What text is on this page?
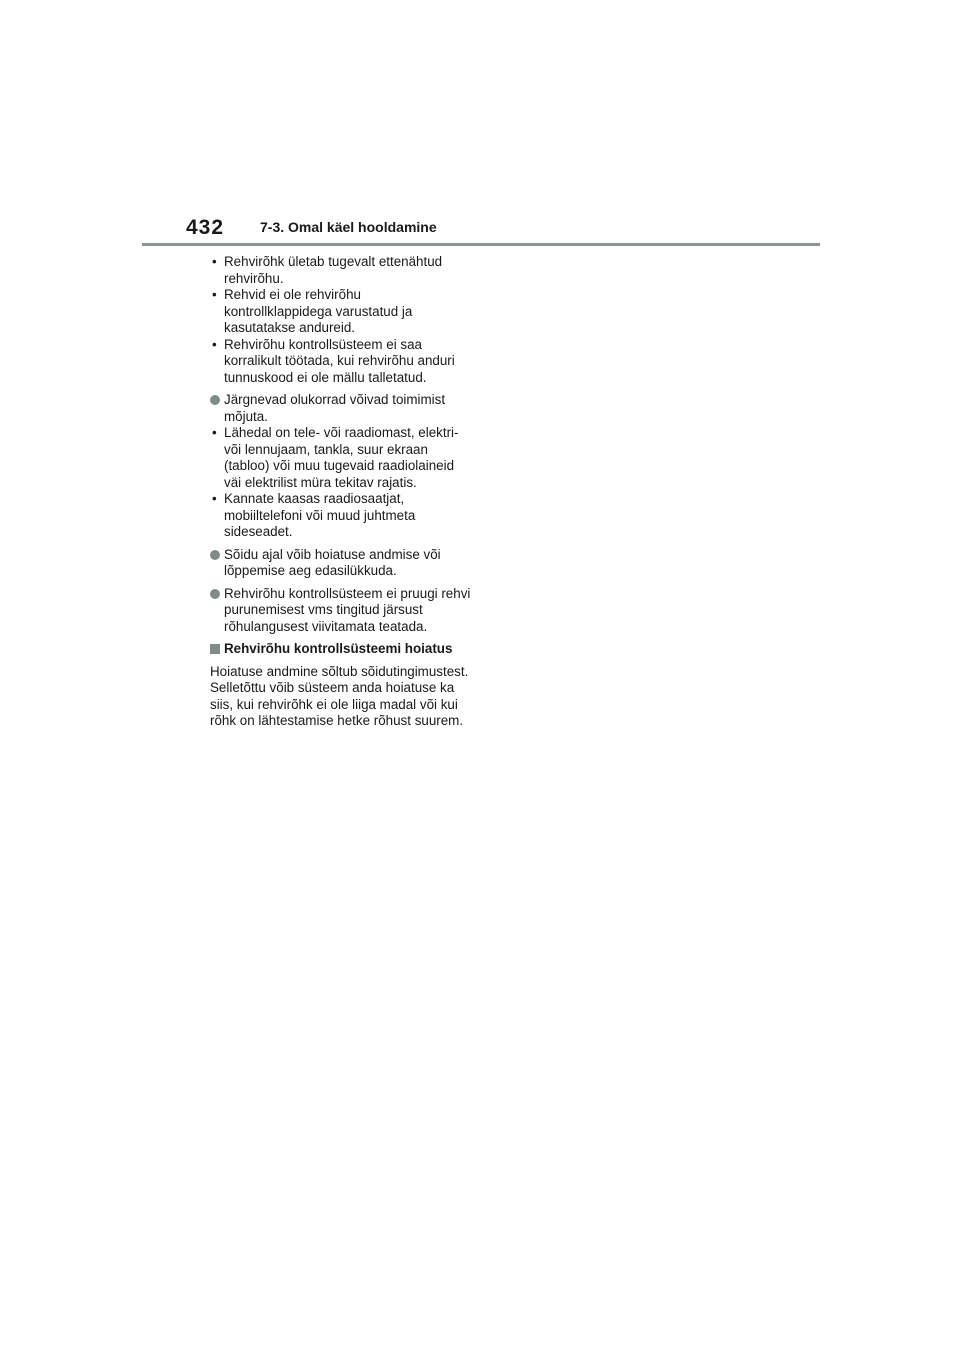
432	7-3. Omal käel hooldamine
• Rehvirõhk ületab tugevalt ettenähtud rehvirõhu.
• Rehvid ei ole rehvirõhu kontrollklappidega varustatud ja kasutatakse andureid.
• Rehvirõhu kontrollsüsteem ei saa korralikult töötada, kui rehvirõhu anduri tunnuskood ei ole mällu talletatud.
Järgnevad olukorrad võivad toimimist mõjuta.
• Lähedal on tele- või raadiomast, elektri- või lennujaam, tankla, suur ekraan (tabloo) või muu tugevaid raadiolaineid väi elektrilist müra tekitav rajatis.
• Kannate kaasas raadiosaatjat, mobiiltelefoni või muud juhtmeta sideseadet.
Sõidu ajal võib hoiatuse andmise või lõppemise aeg edasilükkuda.
Rehvirõhu kontrollsüsteem ei pruugi rehvi purunemisest vms tingitud järsust rõhulangusest viivitamata teatada.
Rehvirõhu kontrollsüsteemi hoiatus

Hoiatuse andmine sõltub sõidutingimustest. Selletõttu võib süsteem anda hoiatuse ka siis, kui rehvirõhk ei ole liiga madal või kui rõhk on lähtestamise hetke rõhust suurem.
